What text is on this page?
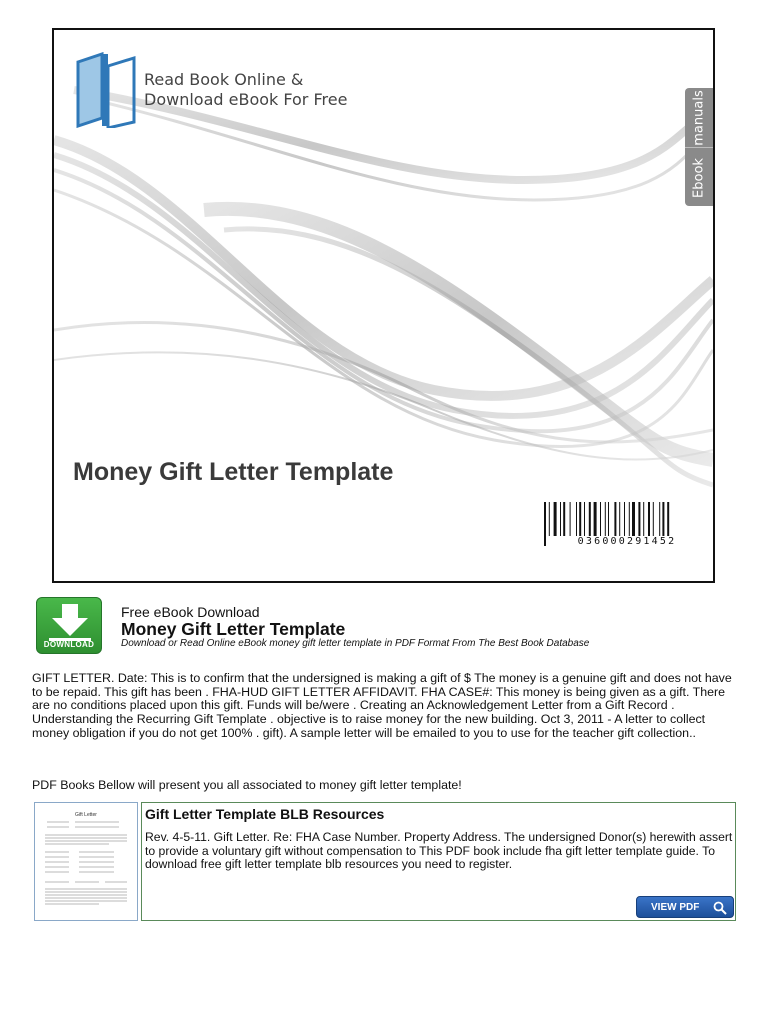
Read Book Online &
Download eBook For Free	manuals
Ebook
Money Gift Letter Template
036000291452
DOWNLOAD
Free eBook Download
Money Gift Letter Template
Download or Read Online eBook money gift letter template in PDF Format From The Best Book Database
GIFT LETTER. Date: This is to confirm that the undersigned is making a gift of $ The money is a genuine gift and does not have to be repaid. This gift has been . FHA-HUD GIFT LETTER AFFIDAVIT. FHA CASE#: This money is being given as a gift. There are no conditions placed upon this gift. Funds will be/were . Creating an Acknowledgement Letter from a Gift Record . Understanding the Recurring Gift Template . objective is to raise money for the new building. Oct 3, 2011 - A letter to collect money obligation if you do not get 100% . gift). A sample letter will be emailed to you to use for the teacher gift collection..
PDF Books Bellow will present you all associated to money gift letter template!
Gift Letter	Gift Letter Template BLB Resources
Rev. 4-5-11. Gift Letter. Re: FHA Case Number. Property Address. The undersigned Donor(s) herewith assert to provide a voluntary gift without compensation to This PDF book include fha gift letter template guide. To download free gift letter template blb resources you need to register.
VIEW PDF
